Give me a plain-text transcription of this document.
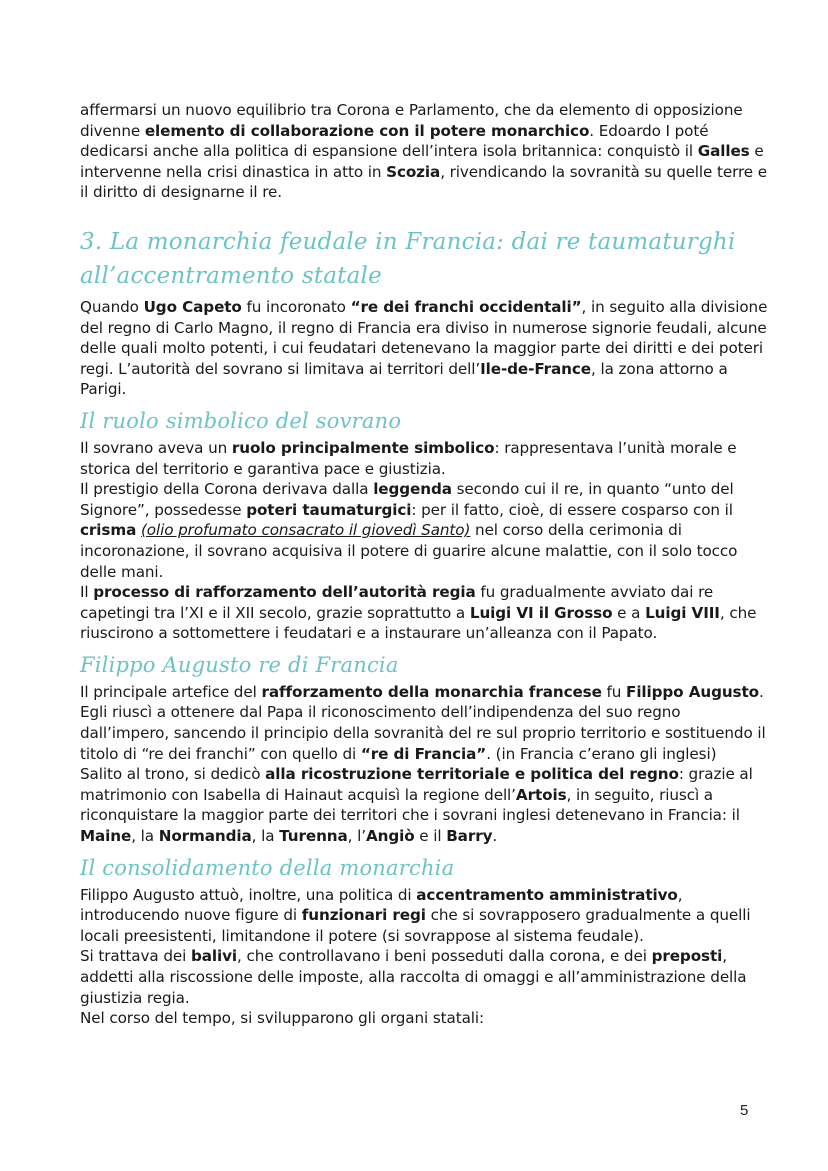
affermarsi un nuovo equilibrio tra Corona e Parlamento, che da elemento di opposizione divenne elemento di collaborazione con il potere monarchico. Edoardo I poté dedicarsi anche alla politica di espansione dell’intera isola britannica: conquistò il Galles e intervenne nella crisi dinastica in atto in Scozia, rivendicando la sovranità su quelle terre e il diritto di designarne il re.

3. La monarchia feudale in Francia: dai re taumaturghi all’accentramento statale

Quando Ugo Capeto fu incoronato “re dei franchi occidentali”, in seguito alla divisione del regno di Carlo Magno, il regno di Francia era diviso in numerose signorie feudali, alcune delle quali molto potenti, i cui feudatari detenevano la maggior parte dei diritti e dei poteri regi. L’autorità del sovrano si limitava ai territori dell’Ile-de-France, la zona attorno a Parigi.

Il ruolo simbolico del sovrano

Il sovrano aveva un ruolo principalmente simbolico: rappresentava l’unità morale e storica del territorio e garantiva pace e giustizia.

Il prestigio della Corona derivava dalla leggenda secondo cui il re, in quanto “unto del Signore”, possedesse poteri taumaturgici: per il fatto, cioè, di essere cosparso con il crisma (olio profumato consacrato il giovedì Santo) nel corso della cerimonia di incoronazione, il sovrano acquisiva il potere di guarire alcune malattie, con il solo tocco delle mani.

Il processo di rafforzamento dell’autorità regia fu gradualmente avviato dai re capetingi tra l’XI e il XII secolo, grazie soprattutto a Luigi VI il Grosso e a Luigi VIII, che riuscirono a sottomettere i feudatari e a instaurare un’alleanza con il Papato.

Filippo Augusto re di Francia

Il principale artefice del rafforzamento della monarchia francese fu Filippo Augusto. Egli riuscì a ottenere dal Papa il riconoscimento dell’indipendenza del suo regno dall’impero, sancendo il principio della sovranità del re sul proprio territorio e sostituendo il titolo di “re dei franchi” con quello di “re di Francia”. (in Francia c’erano gli inglesi)

Salito al trono, si dedicò alla ricostruzione territoriale e politica del regno: grazie al matrimonio con Isabella di Hainaut acquisì la regione dell’Artois, in seguito, riuscì a riconquistare la maggior parte dei territori che i sovrani inglesi detenevano in Francia: il Maine, la Normandia, la Turenna, l’Angiò e il Barry.

Il consolidamento della monarchia

Filippo Augusto attuò, inoltre, una politica di accentramento amministrativo, introducendo nuove figure di funzionari regi che si sovrapposero gradualmente a quelli locali preesistenti, limitandone il potere (si sovrappose al sistema feudale).

Si trattava dei balivi, che controllavano i beni posseduti dalla corona, e dei preposti, addetti alla riscossione delle imposte, alla raccolta di omaggi e all’amministrazione della giustizia regia.

Nel corso del tempo, si svilupparono gli organi statali:

5
